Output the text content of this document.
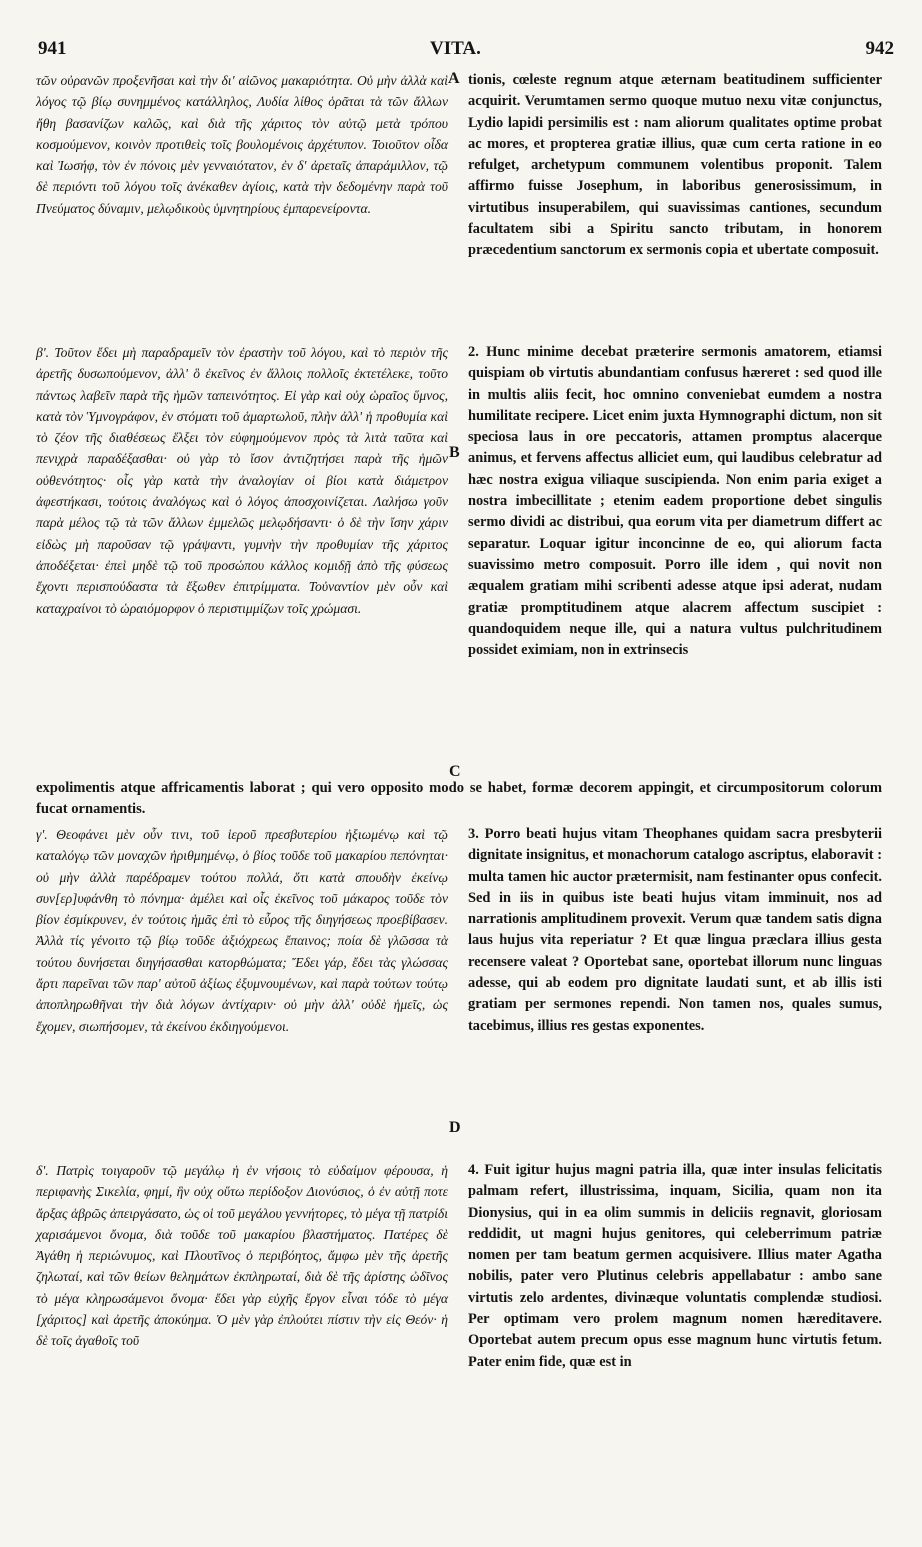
941	VITA.	942
A
B
C
D

τῶν οὐρανῶν προξενῆσαι καὶ τὴν δι' αἰῶνος μακαριότητα. Οὐ μὴν ἀλλὰ καὶ λόγος τῷ βίῳ συνημμένος κατάλληλος, Λυδία λίθος ὁρᾶται τὰ τῶν ἄλλων ἤθη βασανίζων καλῶς, καὶ διὰ τῆς χάριτος τὸν αὐτῷ μετὰ τρόπου κοσμούμενον, κοινὸν προτιθεὶς τοῖς βουλομένοις ἀρχέτυπον. Τοιοῦτον οἶδα καὶ Ἰωσήφ, τὸν ἐν πόνοις μὲν γενναιότατον, ἐν δ' ἀρεταῖς ἀπαράμιλλον, τῷ δὲ περιόντι τοῦ λόγου τοῖς ἀνέκαθεν ἁγίοις, κατὰ τὴν δεδομένην παρὰ τοῦ Πνεύματος δύναμιν, μελῳδικοὺς ὑμνητηρίους ἐμπαρενείροντα.

β'. Τοῦτον ἔδει μὴ παραδραμεῖν τὸν ἐραστὴν τοῦ λόγου, καὶ τὸ περιὸν τῆς ἀρετῆς δυσωπούμενον, ἀλλ' ὃ ἐκεῖνος ἐν ἄλλοις πολλοῖς ἐκτετέλεκε, τοῦτο πάντως λαβεῖν παρὰ τῆς ἡμῶν ταπεινότητος. Εἰ γὰρ καὶ οὐχ ὡραῖος ὕμνος, κατὰ τὸν Ὑμνογράφον, ἐν στόματι τοῦ ἁμαρτωλοῦ, πλὴν ἀλλ' ἡ προθυμία καὶ τὸ ζέον τῆς διαθέσεως ἕλξει τὸν εὐφημούμενον πρὸς τὰ λιτὰ ταῦτα καὶ πενιχρὰ παραδέξασθαι· οὐ γὰρ τὸ ἴσον ἀντιζητήσει παρὰ τῆς ἡμῶν οὐθενότητος· οἷς γὰρ κατὰ τὴν ἀναλογίαν οἱ βίοι κατὰ διάμετρον ἀφεστήκασι, τούτοις ἀναλόγως καὶ ὁ λόγος ἀποσχοινίζεται. Λαλήσω γοῦν παρὰ μέλος τῷ τὰ τῶν ἄλλων ἐμμελῶς μελῳδήσαντι· ὁ δὲ τὴν ἴσην χάριν εἰδὼς μὴ παροῦσαν τῷ γράψαντι, γυμνὴν τὴν προθυμίαν τῆς χάριτος ἀποδέξεται· ἐπεὶ μηδὲ τῷ τοῦ προσώπου κάλλος κομιδῇ ἀπὸ τῆς φύσεως ἔχοντι περισπούδαστα τὰ ἔξωθεν ἐπιτρίμματα. Τοὐναντίον μὲν οὖν καὶ καταχραίνοι τὸ ὡραιόμορφον ὁ περιστιμμίζων τοῖς χρώμασι.

tionis, cœleste regnum atque æternam beatitudinem sufficienter acquirit. Verumtamen sermo quoque mutuo nexu vitæ conjunctus, Lydio lapidi persimilis est : nam aliorum qualitates optime probat ac mores, et propterea gratiæ illius, quæ cum certa ratione in eo refulget, archetypum communem volentibus proponit. Talem affirmo fuisse Josephum, in laboribus generosissimum, in virtutibus insuperabilem, qui suavissimas cantiones, secundum facultatem sibi a Spiritu sancto tributam, in honorem præcedentium sanctorum ex sermonis copia et ubertate composuit.

2. Hunc minime decebat præterire sermonis amatorem, etiamsi quispiam ob virtutis abundantiam confusus hæreret : sed quod ille in multis aliis fecit, hoc omnino conveniebat eumdem a nostra humilitate recipere. Licet enim juxta Hymnographi dictum, non sit speciosa laus in ore peccatoris, attamen promptus alacerque animus, et fervens affectus alliciet eum, qui laudibus celebratur ad hæc nostra exigua viliaque suscipienda. Non enim paria exiget a nostra imbecillitate ; etenim eadem proportione debet singulis sermo dividi ac distribui, qua eorum vita per diametrum differt ac separatur. Loquar igitur inconcinne de eo, qui aliorum facta suavissimo metro composuit. Porro ille idem , qui novit non æqualem gratiam mihi scribenti adesse atque ipsi aderat, nudam gratiæ promptitudinem atque alacrem affectum suscipiet : quandoquidem neque ille, qui a natura vultus pulchritudinem possidet eximiam, non in extrinsecis

expolimentis atque affricamentis laborat ; qui vero opposito modo se habet, formæ decorem appingit, et circumpositorum colorum fucat ornamentis.

γ'. Θεοφάνει μὲν οὖν τινι, τοῦ ἱεροῦ πρεσβυτερίου ἠξιωμένῳ καὶ τῷ καταλόγῳ τῶν μοναχῶν ἠριθμημένῳ, ὁ βίος τοῦδε τοῦ μακαρίου πεπόνηται· οὐ μὴν ἀλλὰ παρέδραμεν τούτου πολλά, ὅτι κατὰ σπουδὴν ἐκείνῳ συν[ερ]υφάνθη τὸ πόνημα· ἀμέλει καὶ οἷς ἐκεῖνος τοῦ μάκαρος τοῦδε τὸν βίον ἐσμίκρυνεν, ἐν τούτοις ἡμᾶς ἐπὶ τὸ εὖρος τῆς διηγήσεως προεβίβασεν. Ἀλλὰ τίς γένοιτο τῷ βίῳ τοῦδε ἀξιόχρεως ἔπαινος; ποία δὲ γλῶσσα τὰ τούτου δυνήσεται διηγήσασθαι κατορθώματα; Ἔδει γάρ, ἔδει τὰς γλώσσας ἄρτι παρεῖναι τῶν παρ' αὐτοῦ ἀξίως ἐξυμνουμένων, καὶ παρὰ τούτων τούτῳ ἀποπληρωθῆναι τὴν διὰ λόγων ἀντίχαριν· οὐ μὴν ἀλλ' οὐδὲ ἡμεῖς, ὡς ἔχομεν, σιωπήσομεν, τὰ ἐκείνου ἐκδιηγούμενοι.

δ'. Πατρὶς τοιγαροῦν τῷ μεγάλῳ ἡ ἐν νήσοις τὸ εὐδαίμον φέρουσα, ἡ περιφανὴς Σικελία, φημί, ἣν οὐχ οὕτω περίδοξον Διονύσιος, ὁ ἐν αὐτῇ ποτε ἄρξας ἁβρῶς ἀπειργάσατο, ὡς οἱ τοῦ μεγάλου γεννήτορες, τὸ μέγα τῇ πατρίδι χαρισάμενοι ὄνομα, διὰ τοῦδε τοῦ μακαρίου βλαστήματος. Πατέρες δὲ Ἀγάθη ἡ περιώνυμος, καὶ Πλουτῖνος ὁ περιβόητος, ἄμφω μὲν τῆς ἀρετῆς ζηλωταί, καὶ τῶν θείων θελημάτων ἐκπληρωταί, διὰ δὲ τῆς ἀρίστης ὠδῖνος τὸ μέγα κληρωσάμενοι ὄνομα· ἔδει γὰρ εὐχῆς ἔργον εἶναι τόδε τὸ μέγα [χάριτος] καὶ ἀρετῆς ἀποκύημα. Ὁ μὲν γὰρ ἐπλούτει πίστιν τὴν εἰς Θεόν· ἡ δὲ τοῖς ἀγαθοῖς τοῦ

3. Porro beati hujus vitam Theophanes quidam sacra presbyterii dignitate insignitus, et monachorum catalogo ascriptus, elaboravit : multa tamen hic auctor prætermisit, nam festinanter opus confecit. Sed in iis in quibus iste beati hujus vitam imminuit, nos ad narrationis amplitudinem provexit. Verum quæ tandem satis digna laus hujus vita reperiatur ? Et quæ lingua præclara illius gesta recensere valeat ? Oportebat sane, oportebat illorum nunc linguas adesse, qui ab eodem pro dignitate laudati sunt, et ab illis isti gratiam per sermones rependi. Non tamen nos, quales sumus, tacebimus, illius res gestas exponentes.

4. Fuit igitur hujus magni patria illa, quæ inter insulas felicitatis palmam refert, illustrissima, inquam, Sicilia, quam non ita Dionysius, qui in ea olim summis in deliciis regnavit, gloriosam reddidit, ut magni hujus genitores, qui celeberrimum patriæ nomen per tam beatum germen acquisivere. Illius mater Agatha nobilis, pater vero Plutinus celebris appellabatur : ambo sane virtutis zelo ardentes, divinæque voluntatis complendæ studiosi. Per optimam vero prolem magnum nomen hæreditavere. Oportebat autem precum opus esse magnum hunc virtutis fetum. Pater enim fide, quæ est in
